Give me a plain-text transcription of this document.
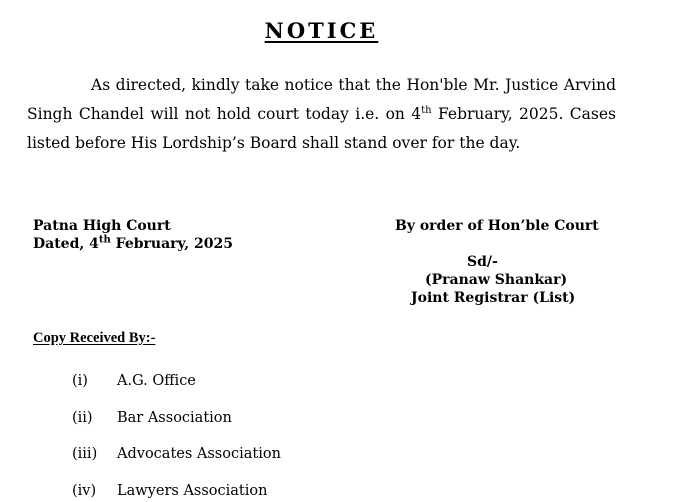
NOTICE

As directed, kindly take notice that the Hon'ble Mr. Justice Arvind Singh Chandel will not hold court today i.e. on 4th February, 2025. Cases listed before His Lordship’s Board shall stand over for the day.

Patna High Court
Dated, 4th February, 2025
By order of Hon’ble Court
Sd/-
(Pranaw Shankar)
Joint Registrar (List)
Copy Received By:-
(i) A.G. Office
(ii) Bar Association
(iii) Advocates Association
(iv) Lawyers Association
